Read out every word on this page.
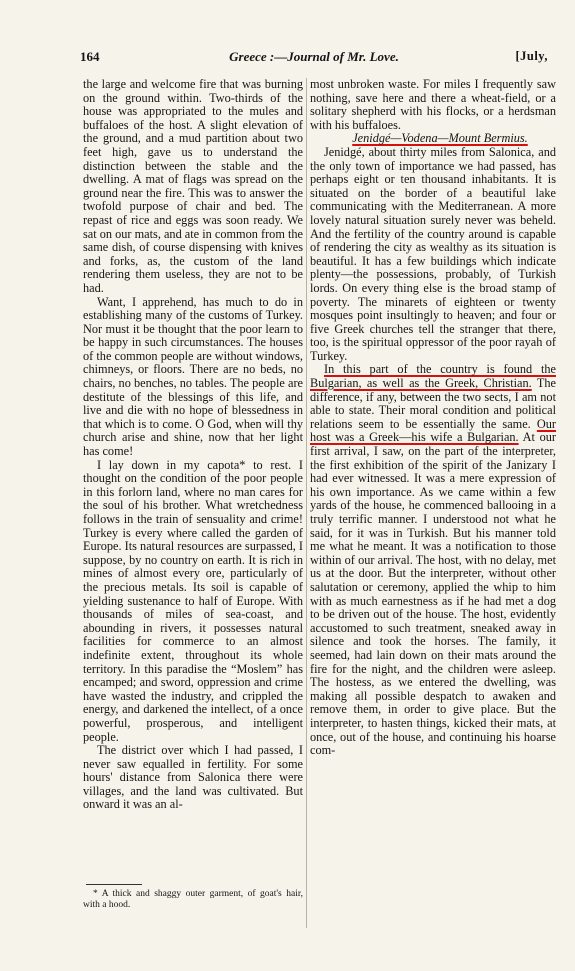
164	Greece :—Journal of Mr. Love.	[July,

the large and welcome fire that was burning on the ground within. Two-thirds of the house was appropriated to the mules and buffaloes of the host. A slight elevation of the ground, and a mud partition about two feet high, gave us to understand the distinction between the stable and the dwelling. A mat of flags was spread on the ground near the fire. This was to answer the twofold purpose of chair and bed. The repast of rice and eggs was soon ready. We sat on our mats, and ate in common from the same dish, of course dispensing with knives and forks, as, the custom of the land rendering them useless, they are not to be had.

Want, I apprehend, has much to do in establishing many of the customs of Turkey. Nor must it be thought that the poor learn to be happy in such circumstances. The houses of the common people are without windows, chimneys, or floors. There are no beds, no chairs, no benches, no tables. The people are destitute of the blessings of this life, and live and die with no hope of blessedness in that which is to come. O God, when will thy church arise and shine, now that her light has come!

I lay down in my capota* to rest. I thought on the condition of the poor people in this forlorn land, where no man cares for the soul of his brother. What wretchedness follows in the train of sensuality and crime! Turkey is every where called the garden of Europe. Its natural resources are surpassed, I suppose, by no country on earth. It is rich in mines of almost every ore, particularly of the precious metals. Its soil is capable of yielding sustenance to half of Europe. With thousands of miles of sea-coast, and abounding in rivers, it possesses natural facilities for commerce to an almost indefinite extent, throughout its whole territory. In this paradise the “Moslem” has encamped; and sword, oppression and crime have wasted the industry, and crippled the energy, and darkened the intellect, of a once powerful, prosperous, and intelligent people.

The district over which I had passed, I never saw equalled in fertility. For some hours' distance from Salonica there were villages, and the land was cultivated. But onward it was an al-

most unbroken waste. For miles I frequently saw nothing, save here and there a wheat-field, or a solitary shepherd with his flocks, or a herdsman with his buffaloes.

Jenidgé—Vodena—Mount Bermius.

Jenidgé, about thirty miles from Salonica, and the only town of importance we had passed, has perhaps eight or ten thousand inhabitants. It is situated on the border of a beautiful lake communicating with the Mediterranean. A more lovely natural situation surely never was beheld. And the fertility of the country around is capable of rendering the city as wealthy as its situation is beautiful. It has a few buildings which indicate plenty—the possessions, probably, of Turkish lords. On every thing else is the broad stamp of poverty. The minarets of eighteen or twenty mosques point insultingly to heaven; and four or five Greek churches tell the stranger that there, too, is the spiritual oppressor of the poor rayah of Turkey.

In this part of the country is found the Bulgarian, as well as the Greek, Christian. The difference, if any, between the two sects, I am not able to state. Their moral condition and political relations seem to be essentially the same. Our host was a Greek—his wife a Bulgarian. At our first arrival, I saw, on the part of the interpreter, the first exhibition of the spirit of the Janizary I had ever witnessed. It was a mere expression of his own importance. As we came within a few yards of the house, he commenced ballooing in a truly terrific manner. I understood not what he said, for it was in Turkish. But his manner told me what he meant. It was a notification to those within of our arrival. The host, with no delay, met us at the door. But the interpreter, without other salutation or ceremony, applied the whip to him with as much earnestness as if he had met a dog to be driven out of the house. The host, evidently accustomed to such treatment, sneaked away in silence and took the horses. The family, it seemed, had lain down on their mats around the fire for the night, and the children were asleep. The hostess, as we entered the dwelling, was making all possible despatch to awaken and remove them, in order to give place. But the interpreter, to hasten things, kicked their mats, at once, out of the house, and continuing his hoarse com-

* A thick and shaggy outer garment, of goat's hair, with a hood.
